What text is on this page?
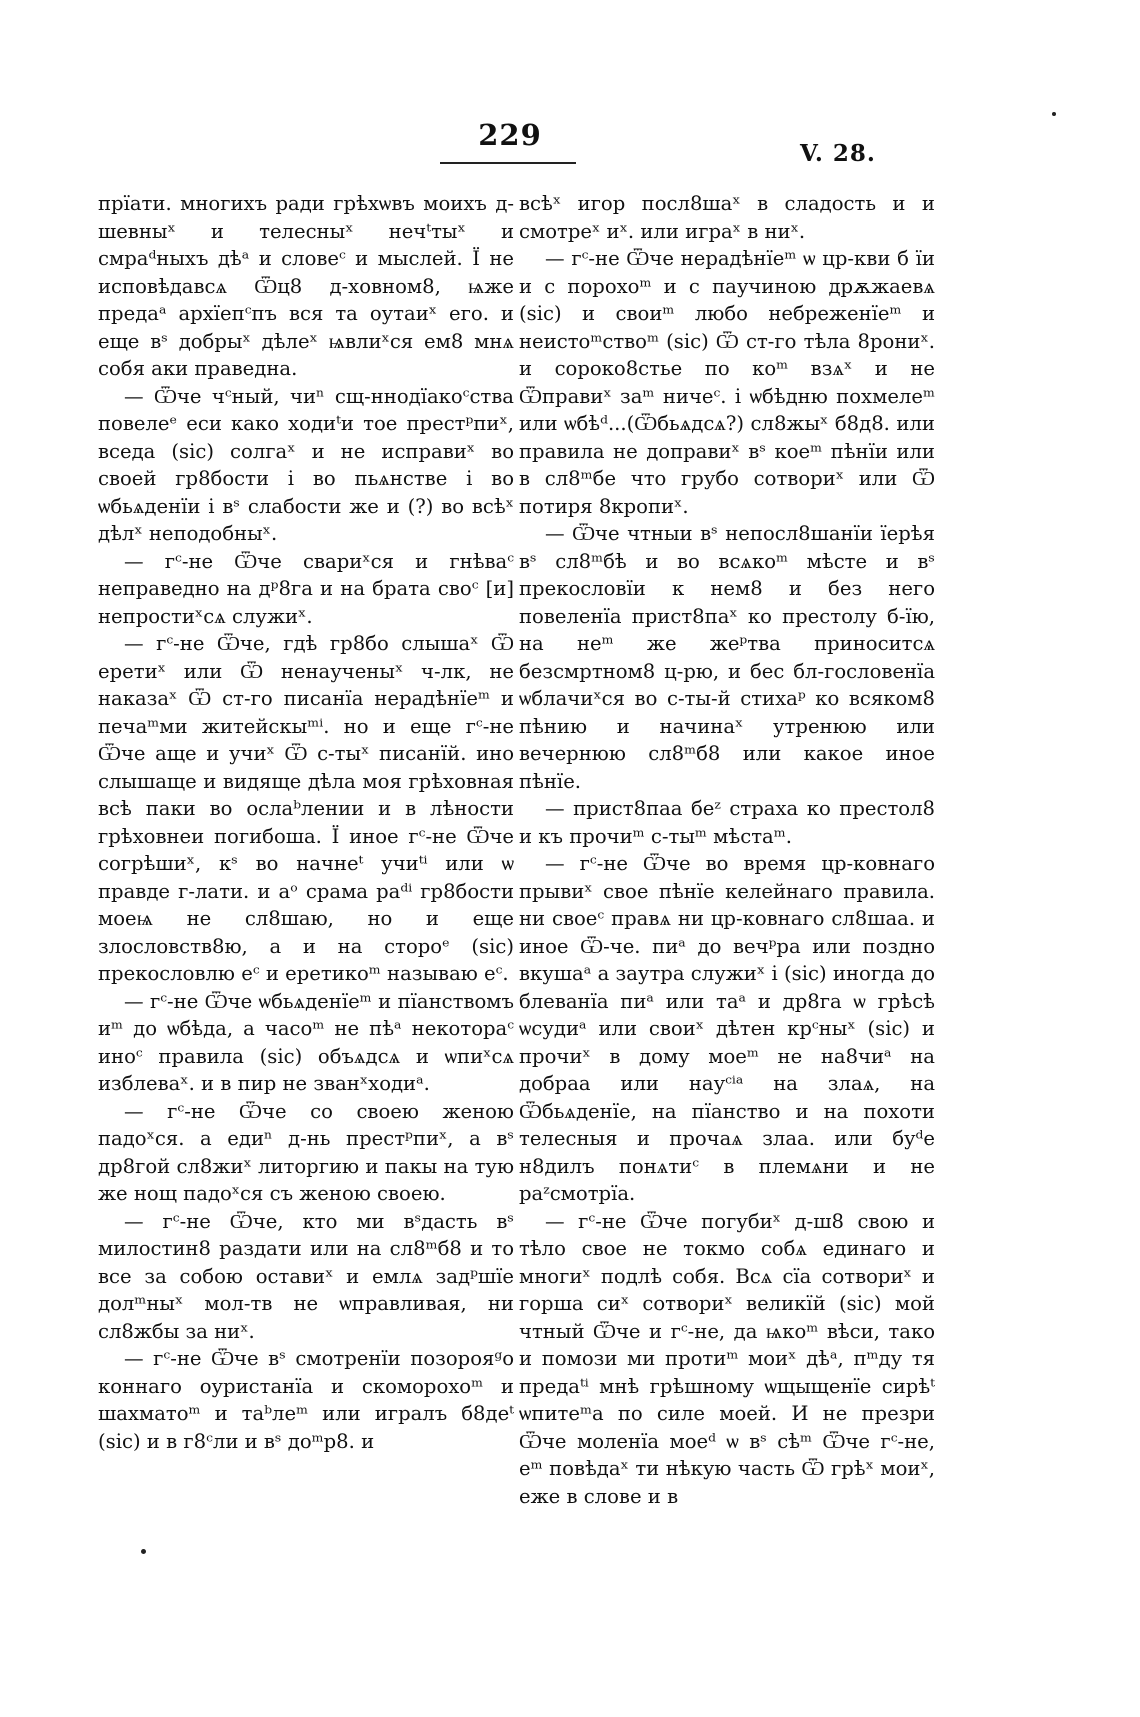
229
V. 28.

прїати. многихъ ради грѣхѡвъ моихъ д-шевныˣ и телесныˣ нечᵗтыˣ и смраᵈныхъ дѣᵃ и словеᶜ и мыслей. Ї не исповѣдавсѧ Ѿц8 д-ховном8, ѩже предаᵃ архїепᶜпъ вся та оутаиˣ его. и еще вˢ добрыˣ дѣлеˣ ѩвлиˣся ем8 мнѧ собя аки праведна.

— Ѿче чᶜный, чиⁿ сщ-ннодїакоᶜства повелеᵉ еси како ходиᵗи тое престᵖпиˣ, вседа (sic) солгаˣ и не исправиˣ во своей гр8бости і во пьѧнстве і во ѡбьѧденїи і вˢ слабости же и (?) во всѣˣ дѣлˣ неподобныˣ.

— гᶜ-не Ѿче свариˣся и гнѣваᶜ неправедно на дᵖ8га и на брата своᶜ [и] непростиˣсѧ служиˣ.

— гᶜ-не Ѿче, гдѣ гр8бо слышаˣ Ѿ еретиˣ или Ѿ ненаученыˣ ч-лк, не наказаˣ Ѿ ст-го писанїа нерадѣнїеᵐ и печаᵐми житейскыᵐⁱ. но и еще гᶜ-не Ѿче аще и учиˣ Ѿ с-тыˣ писанїй. ино слышаще и видяще дѣла моя грѣховная всѣ паки во ослаᵇлении и в лѣности грѣховнеи погибоша. Ї иное гᶜ-не Ѿче согрѣшиˣ, кˢ во начнеᵗ учиᵗⁱ или ѡ правде г-лати. и аᵒ срама раᵈⁱ гр8бости моеѩ не сл8шаю, но и еще злословств8ю, а и на стороᵉ (sic) прекословлю еᶜ и еретикоᵐ называю еᶜ.

— гᶜ-не Ѿче ѡбьѧденїеᵐ и пїанствомъ иᵐ до ѡбѣда, а часоᵐ не пѣᵃ некотораᶜ иноᶜ правила (sic) объѧдсѧ и ѡпиˣсѧ изблеваˣ. и в пир не званˣходиᵃ.

— гᶜ-не Ѿче со своею женою падоˣся. а едиⁿ д-нь престᵖпиˣ, а вˢ др8гой сл8жиˣ литоргию и пакы на тую же нощ падоˣся съ женою своею.

— гᶜ-не Ѿче, кто ми вˢдасть вˢ милостин8 раздати или на сл8ᵐб8 и то все за собою оставиˣ и емлѧ задᵖшїе долᵐныˣ мол-тв не ѡправливая, ни сл8жбы за ниˣ.

— гᶜ-не Ѿче вˢ смотренїи позорояᵍо коннаго оуристанїа и скоморохоᵐ и шахматоᵐ и таᵇлеᵐ или игралъ б8деᵗ (sic) и в г8ᶜли и вˢ доᵐр8. и

всѣˣ игор посл8шаˣ в сладость и и смотреˣ иˣ. или играˣ в ниˣ.

— гᶜ-не Ѿче нерадѣнїеᵐ ѡ цр-кви б ïи и с порохоᵐ и с паучиною дрѫжаевѧ (sic) и своиᵐ любо небреженїеᵐ и неистоᵐствоᵐ (sic) Ѿ ст-го тѣла 8рониˣ. и сороко8стье по коᵐ взѧˣ и не Ѿправиˣ заᵐ ничеᶜ. і ѡбѣдню похмелеᵐ или ѡбѣᵈ...(Ѿбьѧдсѧ?) сл8жыˣ б8д8. или правила не доправиˣ вˢ коеᵐ пѣнїи или в сл8ᵐбе что грубо сотвориˣ или Ѿ потиря 8кропиˣ.

— Ѿче чтныи вˢ непосл8шанїи їерѣя вˢ сл8ᵐбѣ и во всѧкоᵐ мѣсте и вˢ прекословїи к нем8 и без него повеленїа прист8паˣ ко престолу б-їю, на неᵐ же жеᵖтва приноситсѧ безсмртном8 ц-рю, и бес бл-гословенїа ѡблачиˣся во с-ты-й стихаᵖ ко всяком8 пѣнию и начинаˣ утренюю или вечернюю сл8ᵐб8 или какое иное пѣнїе.

— прист8паа беᶻ страха ко престол8 и къ прочиᵐ с-тыᵐ мѣстаᵐ.

— гᶜ-не Ѿче во время цр-ковнаго прывиˣ свое пѣнїе келейнаго правила. ни своеᶜ правѧ ни цр-ковнаго сл8шаа. и иное Ѿ-че. пиᵃ до вечᵖра или поздно вкушаᵃ а заутра служиˣ і (sic) иногда до блеванїа пиᵃ или таᵃ и др8га ѡ грѣсѣ ѡсудиᵃ или своиˣ дѣтен крᶜныˣ (sic) и прочиˣ в дому моеᵐ не на8чиᵃ на добраа или науᶜⁱᵃ на злаѧ, на Ѿбьѧденїе, на пїанство и на похоти телесныя и прочаѧ злаа. или буᵈе н8дилъ понѧтиᶜ в племѧни и не раᶻсмотрїа.

— гᶜ-не Ѿче погубиˣ д-ш8 свою и тѣло свое не токмо собѧ единаго и многиˣ подлѣ собя. Всѧ сїа сотвориˣ и горша сиˣ сотвориˣ великїй (sic) мой чтный Ѿче и гᶜ-не, да ѩкоᵐ вѣси, тако и помози ми протиᵐ моиˣ дѣᵃ, пᵐду тя предаᵗⁱ мнѣ грѣшному ѡщыщенїе сирѣᵗ ѡпитеᵐа по силе моей. И не презри Ѿче моленїа моеᵈ ѡ вˢ сѣᵐ Ѿче гᶜ-не, еᵐ повѣдаˣ ти нѣкую часть Ѿ грѣˣ моиˣ, еже в слове и в
